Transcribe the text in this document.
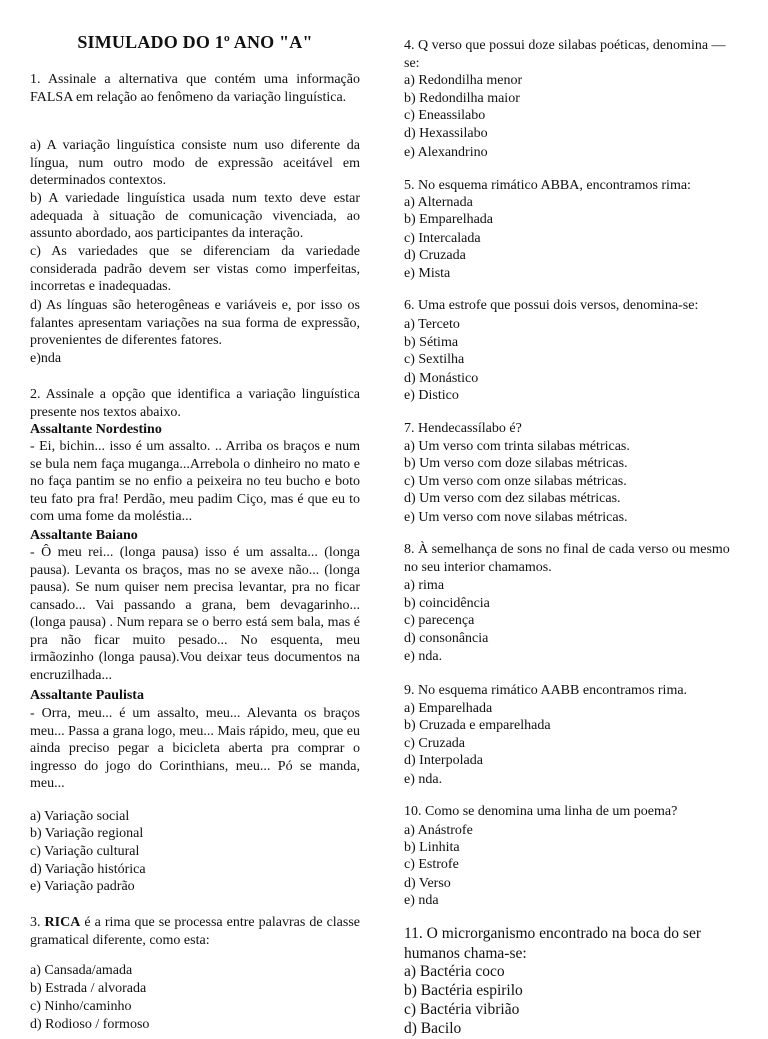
SIMULADO DO 1º ANO "A"
1. Assinale a alternativa que contém uma informação FALSA em relação ao fenômeno da variação linguística.
a) A variação linguística consiste num uso diferente da língua, num outro modo de expressão aceitável em determinados contextos.
b) A variedade linguística usada num texto deve estar adequada à situação de comunicação vivenciada, ao assunto abordado, aos participantes da interação.
c) As variedades que se diferenciam da variedade considerada padrão devem ser vistas como imperfeitas, incorretas e inadequadas.
d) As línguas são heterogêneas e variáveis e, por isso os falantes apresentam variações na sua forma de expressão, provenientes de diferentes fatores.
e)nda
2. Assinale a opção que identifica a variação linguística presente nos textos abaixo.
Assaltante Nordestino
- Ei, bichin... isso é um assalto. .. Arriba os braços e num se bula nem faça muganga...Arrebola o dinheiro no mato e no faça pantim se no enfio a peixeira no teu bucho e boto teu fato pra fra! Perdão, meu padim Ciço, mas é que eu to com uma fome da moléstia...
Assaltante Baiano
- Ô meu rei... (longa pausa) isso é um assalta... (longa pausa). Levanta os braços, mas no se avexe não... (longa pausa). Se num quiser nem precisa levantar, pra no ficar cansado... Vai passando a grana, bem devagarinho... (longa pausa) . Num repara se o berro está sem bala, mas é pra não ficar muito pesado... No esquenta, meu irmãozinho (longa pausa).Vou deixar teus documentos na encruzilhada...
Assaltante Paulista
- Orra, meu... é um assalto, meu... Alevanta os braços meu... Passa a grana logo, meu... Mais rápido, meu, que eu ainda preciso pegar a bicicleta aberta pra comprar o ingresso do jogo do Corinthians, meu... Pó se manda, meu...
a) Variação social
b) Variação regional
c) Variação cultural
d) Variação histórica
e) Variação padrão
3. RICA é a rima que se processa entre palavras de classe gramatical diferente, como esta:
a) Cansada/amada
b) Estrada / alvorada
c) Ninho/caminho
d) Rodioso / formoso
4. Q verso que possui doze silabas poéticas, denomina — se:
a) Redondilha menor
b) Redondilha maior
c) Eneassilabo
d) Hexassilabo
e) Alexandrino
5. No esquema rimático ABBA, encontramos rima:
a) Alternada
b) Emparelhada
c) Intercalada
d) Cruzada
e) Mista
6. Uma estrofe que possui dois versos, denomina-se:
a) Terceto
b) Sétima
c) Sextilha
d) Monástico
e) Distico
7. Hendecassílabo é?
a) Um verso com trinta silabas métricas.
b) Um verso com doze silabas métricas.
c) Um verso com onze silabas métricas.
d) Um verso com dez silabas métricas.
e) Um verso com nove silabas métricas.
8. À semelhança de sons no final de cada verso ou mesmo no seu interior chamamos.
a) rima
b) coincidência
c) parecença
d) consonância
e) nda.
9. No esquema rimático AABB encontramos rima.
a) Emparelhada
b) Cruzada e emparelhada
c) Cruzada
d) Interpolada
e) nda.
10. Como se denomina uma linha de um poema?
a) Anástrofe
b) Linhita
c) Estrofe
d) Verso
e) nda
11. O microrganismo encontrado na boca do ser humanos chama-se:
a) Bactéria coco
b) Bactéria espirilo
c) Bactéria vibrião
d) Bacilo
